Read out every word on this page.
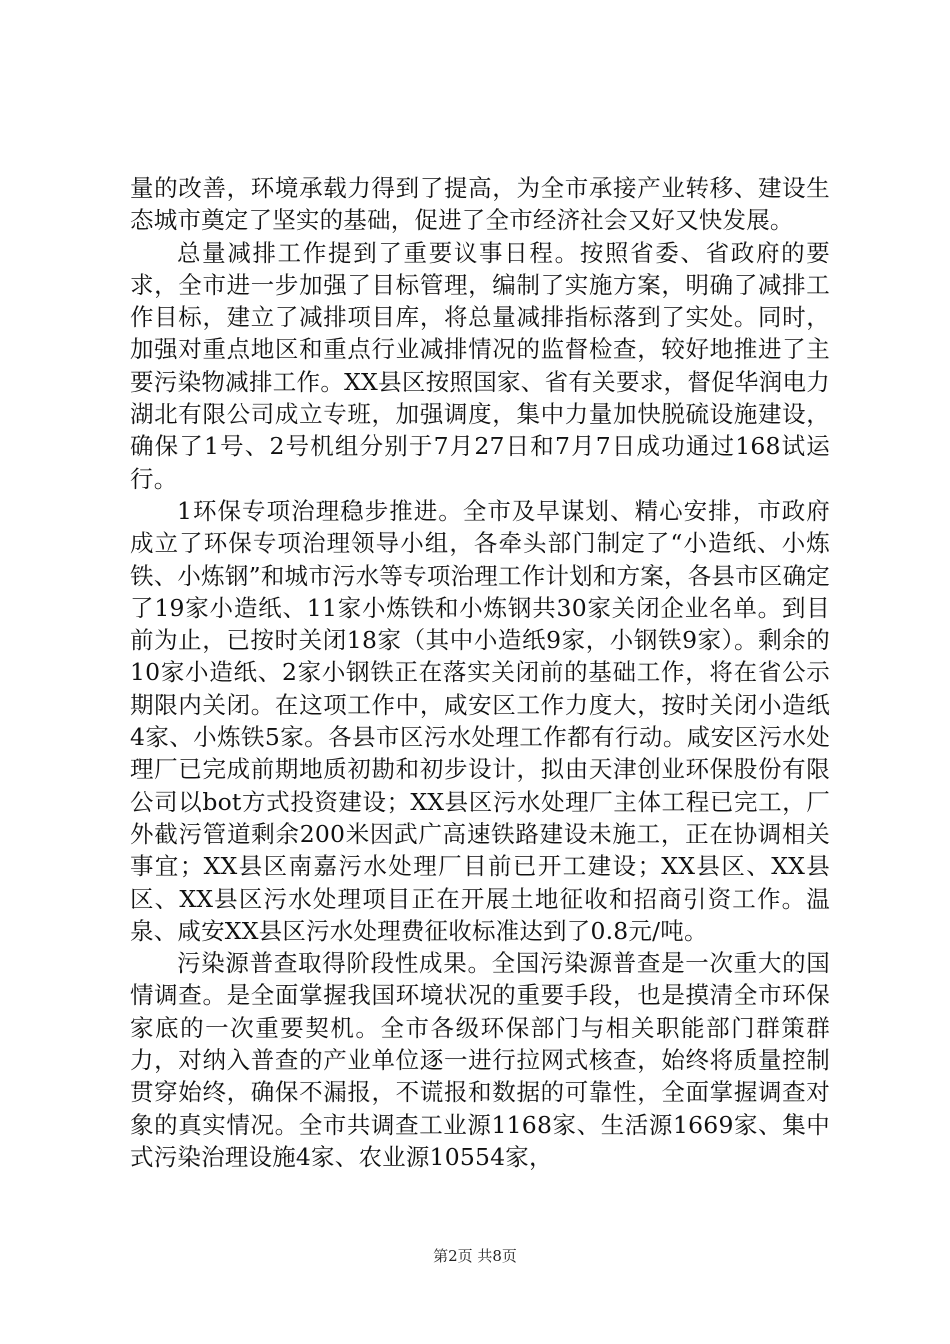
量的改善，环境承载力得到了提高，为全市承接产业转移、建设生态城市奠定了坚实的基础，促进了全市经济社会又好又快发展。

总量减排工作提到了重要议事日程。按照省委、省政府的要求，全市进一步加强了目标管理，编制了实施方案，明确了减排工作目标，建立了减排项目库，将总量减排指标落到了实处。同时，加强对重点地区和重点行业减排情况的监督检查，较好地推进了主要污染物减排工作。XX县区按照国家、省有关要求，督促华润电力湖北有限公司成立专班，加强调度，集中力量加快脱硫设施建设，确保了1号、2号机组分别于7月27日和7月7日成功通过168试运行。

1环保专项治理稳步推进。全市及早谋划、精心安排，市政府成立了环保专项治理领导小组，各牵头部门制定了“小造纸、小炼铁、小炼钢”和城市污水等专项治理工作计划和方案，各县市区确定了19家小造纸、11家小炼铁和小炼钢共30家关闭企业名单。到目前为止，已按时关闭18家（其中小造纸9家，小钢铁9家）。剩余的10家小造纸、2家小钢铁正在落实关闭前的基础工作，将在省公示期限内关闭。在这项工作中，咸安区工作力度大，按时关闭小造纸4家、小炼铁5家。各县市区污水处理工作都有行动。咸安区污水处理厂已完成前期地质初勘和初步设计，拟由天津创业环保股份有限公司以bot方式投资建设；XX县区污水处理厂主体工程已完工，厂外截污管道剩余200米因武广高速铁路建设未施工，正在协调相关事宜；XX县区南嘉污水处理厂目前已开工建设；XX县区、XX县区、XX县区污水处理项目正在开展土地征收和招商引资工作。温泉、咸安XX县区污水处理费征收标准达到了0.8元/吨。

污染源普查取得阶段性成果。全国污染源普查是一次重大的国情调查。是全面掌握我国环境状况的重要手段，也是摸清全市环保家底的一次重要契机。全市各级环保部门与相关职能部门群策群力，对纳入普查的产业单位逐一进行拉网式核查，始终将质量控制贯穿始终，确保不漏报，不谎报和数据的可靠性，全面掌握调查对象的真实情况。全市共调查工业源1168家、生活源1669家、集中式污染治理设施4家、农业源10554家，

第2页 共8页
